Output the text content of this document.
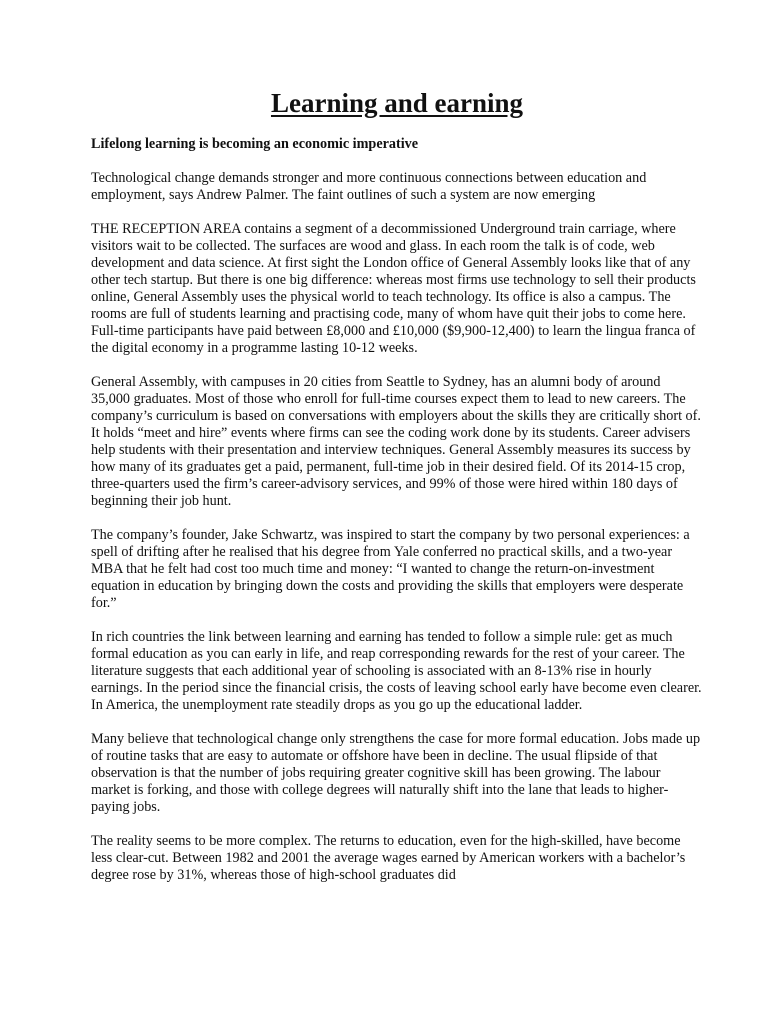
Learning and earning

Lifelong learning is becoming an economic imperative

Technological change demands stronger and more continuous connections between education and employment, says Andrew Palmer. The faint outlines of such a system are now emerging

THE RECEPTION AREA contains a segment of a decommissioned Underground train carriage, where visitors wait to be collected. The surfaces are wood and glass. In each room the talk is of code, web development and data science. At first sight the London office of General Assembly looks like that of any other tech startup. But there is one big difference: whereas most firms use technology to sell their products online, General Assembly uses the physical world to teach technology. Its office is also a campus. The rooms are full of students learning and practising code, many of whom have quit their jobs to come here. Full-time participants have paid between £8,000 and £10,000 ($9,900-12,400) to learn the lingua franca of the digital economy in a programme lasting 10-12 weeks.

General Assembly, with campuses in 20 cities from Seattle to Sydney, has an alumni body of around 35,000 graduates. Most of those who enroll for full-time courses expect them to lead to new careers. The company’s curriculum is based on conversations with employers about the skills they are critically short of. It holds “meet and hire” events where firms can see the coding work done by its students. Career advisers help students with their presentation and interview techniques. General Assembly measures its success by how many of its graduates get a paid, permanent, full-time job in their desired field. Of its 2014-15 crop, three-quarters used the firm’s career-advisory services, and 99% of those were hired within 180 days of beginning their job hunt.

The company’s founder, Jake Schwartz, was inspired to start the company by two personal experiences: a spell of drifting after he realised that his degree from Yale conferred no practical skills, and a two-year MBA that he felt had cost too much time and money: “I wanted to change the return-on-investment equation in education by bringing down the costs and providing the skills that employers were desperate for.”

In rich countries the link between learning and earning has tended to follow a simple rule: get as much formal education as you can early in life, and reap corresponding rewards for the rest of your career. The literature suggests that each additional year of schooling is associated with an 8-13% rise in hourly earnings. In the period since the financial crisis, the costs of leaving school early have become even clearer. In America, the unemployment rate steadily drops as you go up the educational ladder.

Many believe that technological change only strengthens the case for more formal education. Jobs made up of routine tasks that are easy to automate or offshore have been in decline. The usual flipside of that observation is that the number of jobs requiring greater cognitive skill has been growing. The labour market is forking, and those with college degrees will naturally shift into the lane that leads to higher-paying jobs.

The reality seems to be more complex. The returns to education, even for the high-skilled, have become less clear-cut. Between 1982 and 2001 the average wages earned by American workers with a bachelor’s degree rose by 31%, whereas those of high-school graduates did
